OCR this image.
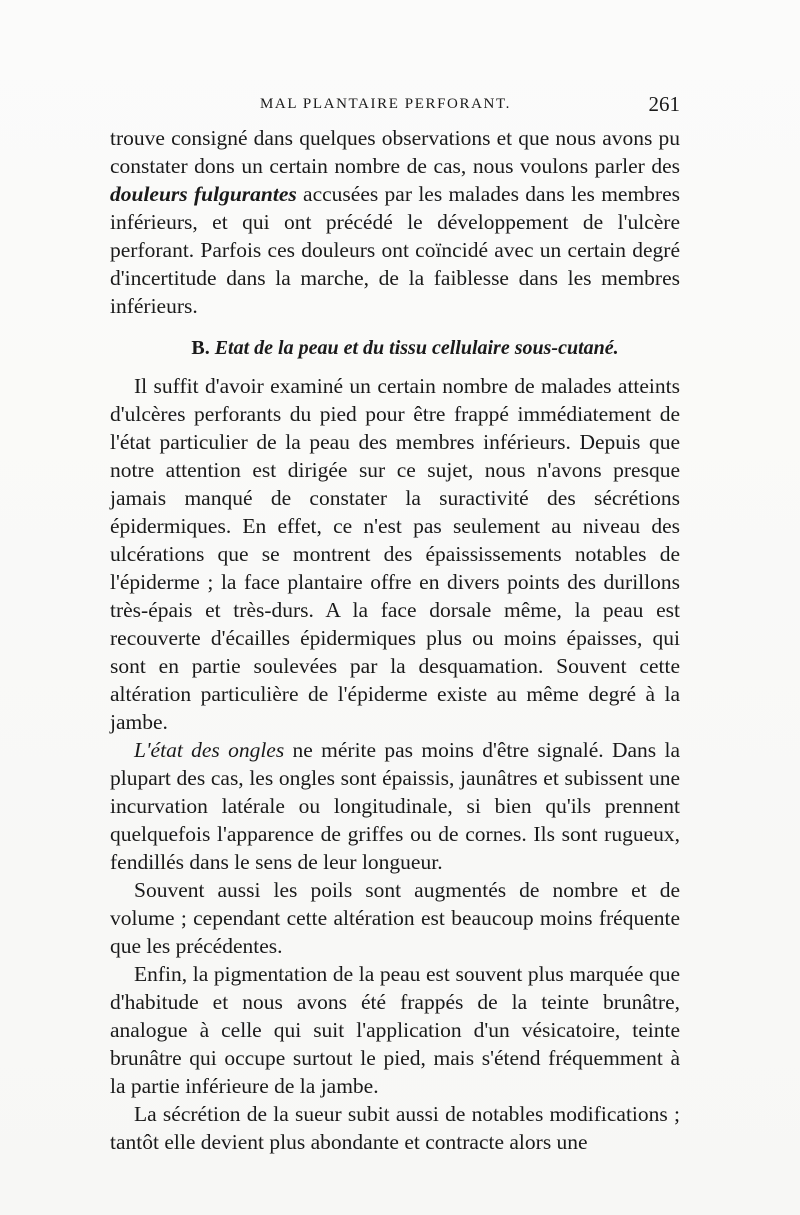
MAL PLANTAIRE PERFORANT.	261

trouve consigné dans quelques observations et que nous avons pu constater dons un certain nombre de cas, nous voulons parler des douleurs fulgurantes accusées par les malades dans les membres inférieurs, et qui ont précédé le développement de l'ulcère perforant. Parfois ces douleurs ont coïncidé avec un certain degré d'incertitude dans la marche, de la faiblesse dans les membres inférieurs.

B. Etat de la peau et du tissu cellulaire sous-cutané.

Il suffit d'avoir examiné un certain nombre de malades atteints d'ulcères perforants du pied pour être frappé immédiatement de l'état particulier de la peau des membres inférieurs. Depuis que notre attention est dirigée sur ce sujet, nous n'avons presque jamais manqué de constater la suractivité des sécrétions épidermiques. En effet, ce n'est pas seulement au niveau des ulcérations que se montrent des épaississements notables de l'épiderme ; la face plantaire offre en divers points des durillons très-épais et très-durs. A la face dorsale même, la peau est recouverte d'écailles épidermiques plus ou moins épaisses, qui sont en partie soulevées par la desquamation. Souvent cette altération particulière de l'épiderme existe au même degré à la jambe.

L'état des ongles ne mérite pas moins d'être signalé. Dans la plupart des cas, les ongles sont épaissis, jaunâtres et subissent une incurvation latérale ou longitudinale, si bien qu'ils prennent quelquefois l'apparence de griffes ou de cornes. Ils sont rugueux, fendillés dans le sens de leur longueur.

Souvent aussi les poils sont augmentés de nombre et de volume ; cependant cette altération est beaucoup moins fréquente que les précédentes.

Enfin, la pigmentation de la peau est souvent plus marquée que d'habitude et nous avons été frappés de la teinte brunâtre, analogue à celle qui suit l'application d'un vésicatoire, teinte brunâtre qui occupe surtout le pied, mais s'étend fréquemment à la partie inférieure de la jambe.

La sécrétion de la sueur subit aussi de notables modifications ; tantôt elle devient plus abondante et contracte alors une
